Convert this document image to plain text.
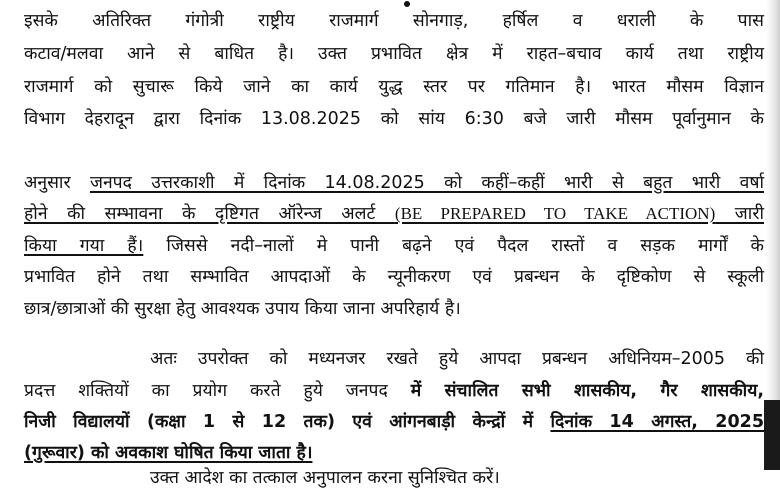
इसके अतिरिक्त गंगोत्री राष्ट्रीय राजमार्ग सोनगाड़, हर्षिल व धराली के पास
कटाव/मलवा आने से बाधित है। उक्त प्रभावित क्षेत्र में राहत–बचाव कार्य तथा राष्ट्रीय
राजमार्ग को सुचारू किये जाने का कार्य युद्ध स्तर पर गतिमान है। भारत मौसम विज्ञान
विभाग देहरादून द्वारा दिनांक 13.08.2025 को सांय 6:30 बजे जारी मौसम पूर्वानुमान के
अनुसार जनपद उत्तरकाशी में दिनांक 14.08.2025 को कहीं–कहीं भारी से बहुत भारी वर्षा
होने की सम्भावना के दृष्टिगत ऑरेन्ज अलर्ट (BE PREPARED TO TAKE ACTION) जारी
किया गया हैं। जिससे नदी–नालों मे पानी बढ़ने एवं पैदल रास्तों व सड़क मार्गों के
प्रभावित होने तथा सम्भावित आपदाओं के न्यूनीकरण एवं प्रबन्धन के दृष्टिकोण से स्कूली
छात्र/छात्राओं की सुरक्षा हेतु आवश्यक उपाय किया जाना अपरिहार्य है।
अतः उपरोक्त को मध्यनजर रखते हुये आपदा प्रबन्धन अधिनियम–2005 की
प्रदत्त शक्तियों का प्रयोग करते हुये जनपद में संचालित सभी शासकीय, गैर शासकीय,
निजी विद्यालयों (कक्षा 1 से 12 तक) एवं आंगनबाड़ी केन्द्रों में दिनांक 14 अगस्त, 2025
(गुरूवार) को अवकाश घोषित किया जाता है।
उक्त आदेश का तत्काल अनुपालन करना सुनिश्चित करें।
